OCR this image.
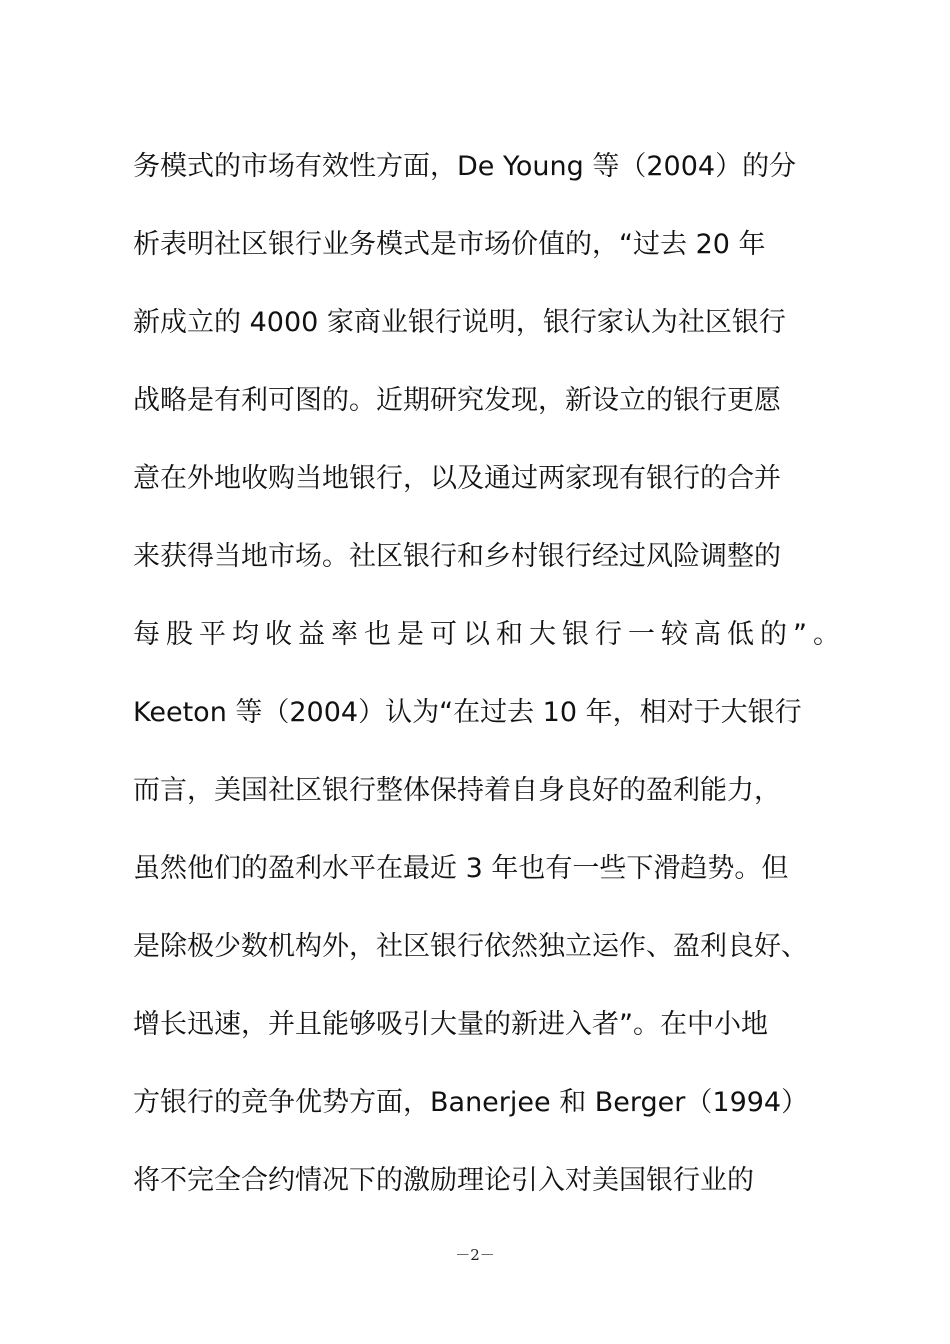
务模式的市场有效性方面，De Young 等（2004）的分
析表明社区银行业务模式是市场价值的，“过去 20 年
新成立的 4000 家商业银行说明，银行家认为社区银行
战略是有利可图的。近期研究发现，新设立的银行更愿
意在外地收购当地银行，以及通过两家现有银行的合并
来获得当地市场。社区银行和乡村银行经过风险调整的
每股平均收益率也是可以和大银行一较高低的”。
Keeton 等（2004）认为“在过去 10 年，相对于大银行
而言，美国社区银行整体保持着自身良好的盈利能力，
虽然他们的盈利水平在最近 3 年也有一些下滑趋势。但
是除极少数机构外，社区银行依然独立运作、盈利良好、
增长迅速，并且能够吸引大量的新进入者”。在中小地
方银行的竞争优势方面，Banerjee 和 Berger（1994）
将不完全合约情况下的激励理论引入对美国银行业的
－2－
